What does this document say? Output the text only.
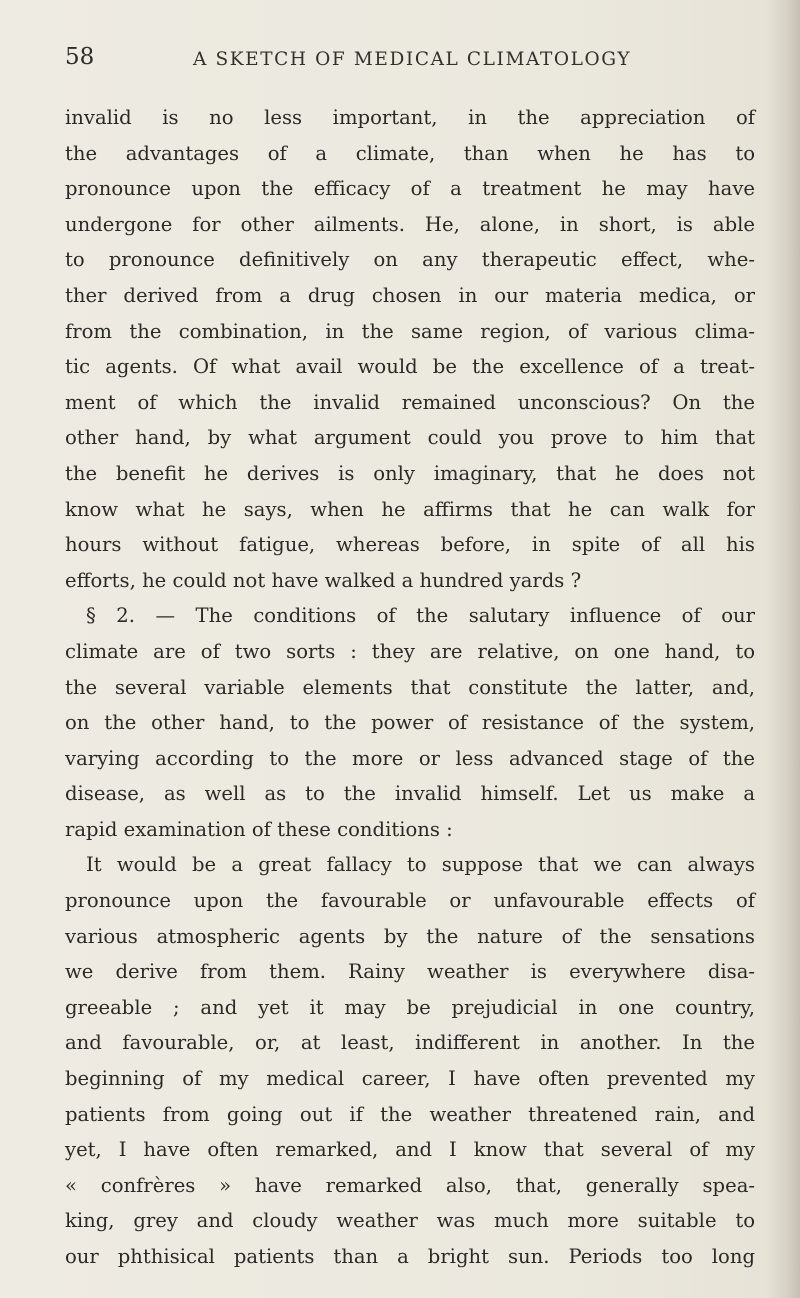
58	A SKETCH OF MEDICAL CLIMATOLOGY
invalid is no less important, in the appreciation of
the advantages of a climate, than when he has to
pronounce upon the efficacy of a treatment he may have
undergone for other ailments. He, alone, in short, is able
to pronounce definitively on any therapeutic effect, whe-
ther derived from a drug chosen in our materia medica, or
from the combination, in the same region, of various clima-
tic agents. Of what avail would be the excellence of a treat-
ment of which the invalid remained unconscious? On the
other hand, by what argument could you prove to him that
the benefit he derives is only imaginary, that he does not
know what he says, when he affirms that he can walk for
hours without fatigue, whereas before, in spite of all his
efforts, he could not have walked a hundred yards ?
§ 2. — The conditions of the salutary influence of our
climate are of two sorts : they are relative, on one hand, to
the several variable elements that constitute the latter, and,
on the other hand, to the power of resistance of the system,
varying according to the more or less advanced stage of the
disease, as well as to the invalid himself. Let us make a
rapid examination of these conditions :
It would be a great fallacy to suppose that we can always
pronounce upon the favourable or unfavourable effects of
various atmospheric agents by the nature of the sensations
we derive from them. Rainy weather is everywhere disa-
greeable ; and yet it may be prejudicial in one country,
and favourable, or, at least, indifferent in another. In the
beginning of my medical career, I have often prevented my
patients from going out if the weather threatened rain, and
yet, I have often remarked, and I know that several of my
« confrères » have remarked also, that, generally spea-
king, grey and cloudy weather was much more suitable to
our phthisical patients than a bright sun. Periods too long
